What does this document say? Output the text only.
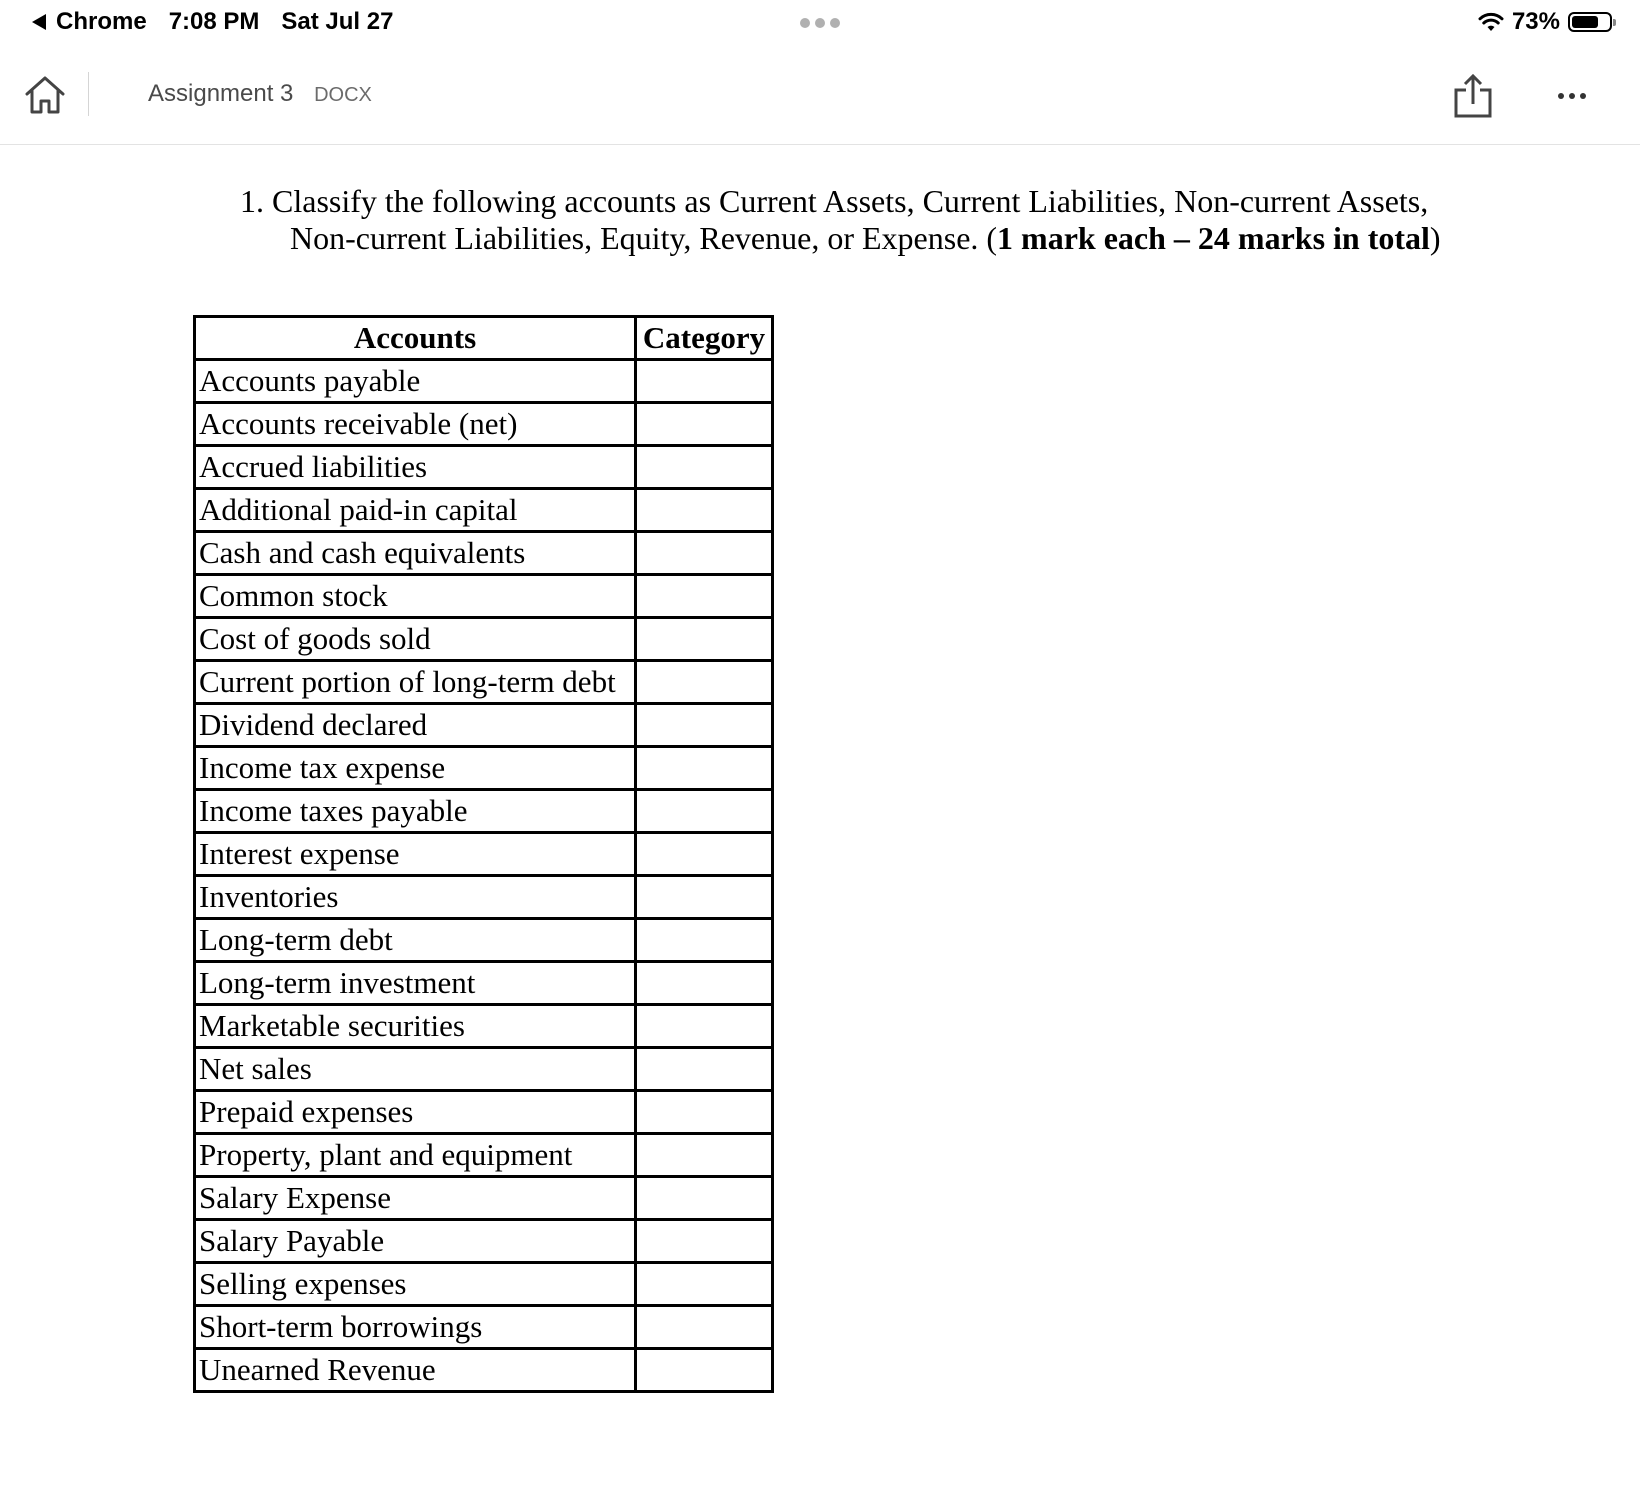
Chrome 7:08 PM Sat Jul 27	73%
Assignment 3 DOCX
1. Classify the following accounts as Current Assets, Current Liabilities, Non-current Assets,
Non-current Liabilities, Equity, Revenue, or Expense. (1 mark each – 24 marks in total)
Accounts	Category
Accounts payable	
Accounts receivable (net)	
Accrued liabilities	
Additional paid-in capital	
Cash and cash equivalents	
Common stock	
Cost of goods sold	
Current portion of long-term debt	
Dividend declared	
Income tax expense	
Income taxes payable	
Interest expense	
Inventories	
Long-term debt	
Long-term investment	
Marketable securities	
Net sales	
Prepaid expenses	
Property, plant and equipment	
Salary Expense	
Salary Payable	
Selling expenses	
Short-term borrowings	
Unearned Revenue	
